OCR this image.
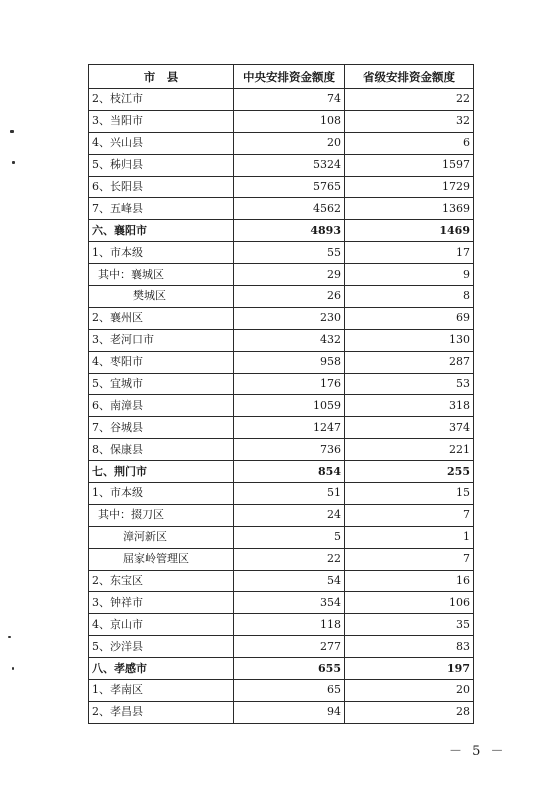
市　县	中央安排资金额度	省级安排资金额度
2、枝江市	74	22
3、当阳市	108	32
4、兴山县	20	6
5、秭归县	5324	1597
6、长阳县	5765	1729
7、五峰县	4562	1369
六、襄阳市	4893	1469
1、市本级	55	17
其中：襄城区	29	9
樊城区	26	8
2、襄州区	230	69
3、老河口市	432	130
4、枣阳市	958	287
5、宜城市	176	53
6、南漳县	1059	318
7、谷城县	1247	374
8、保康县	736	221
七、荆门市	854	255
1、市本级	51	15
其中：掇刀区	24	7
漳河新区	5	1
屈家岭管理区	22	7
2、东宝区	54	16
3、钟祥市	354	106
4、京山市	118	35
5、沙洋县	277	83
八、孝感市	655	197
1、孝南区	65	20
2、孝昌县	94	28
－ 5 －
